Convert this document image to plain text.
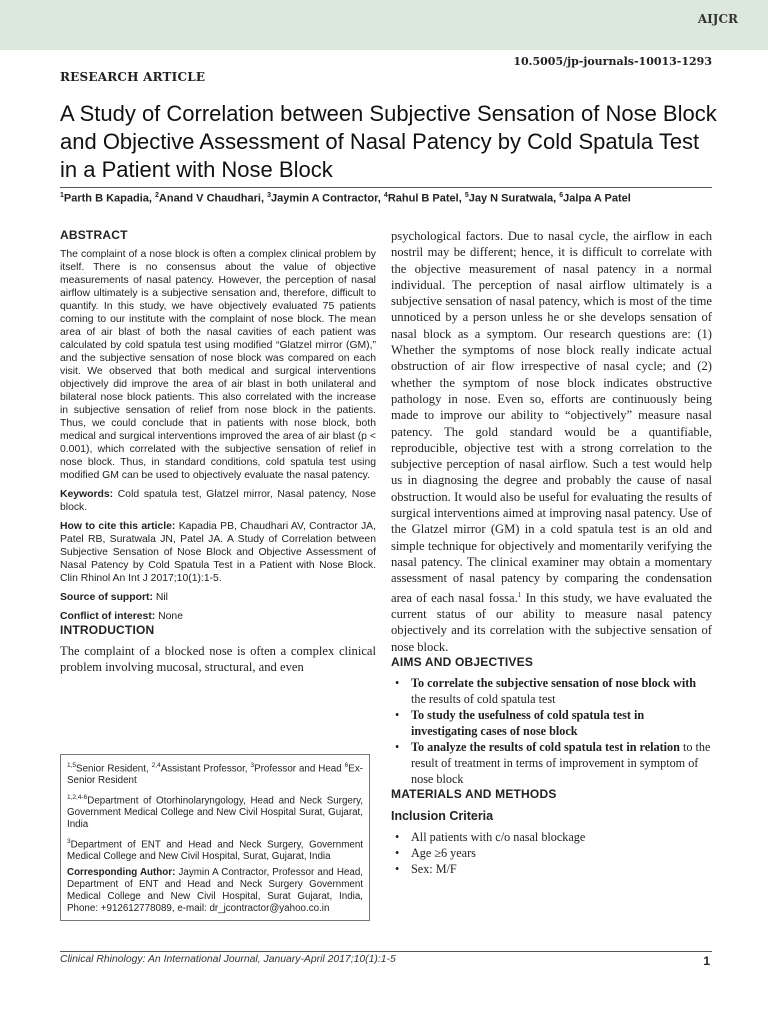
AIJCR
10.5005/jp-journals-10013-1293
RESEARCH ARTICLE
A Study of Correlation between Subjective Sensation of Nose Block and Objective Assessment of Nasal Patency by Cold Spatula Test in a Patient with Nose Block
$^1$Parth B Kapadia, $^2$Anand V Chaudhari, $^3$Jaymin A Contractor, $^4$Rahul B Patel, $^5$Jay N Suratwala, $^6$Jalpa A Patel
ABSTRACT

The complaint of a nose block is often a complex clinical problem by itself. There is no consensus about the value of objective measurements of nasal patency. However, the perception of nasal airflow ultimately is a subjective sensation and, therefore, difficult to quantify. In this study, we have objectively evaluated 75 patients coming to our institute with the complaint of nose block. The mean area of air blast of both the nasal cavities of each patient was calculated by cold spatula test using modified “Glatzel mirror (GM),” and the subjective sensation of nose block was compared on each visit. We observed that both medical and surgical interventions objectively did improve the area of air blast in both unilateral and bilateral nose block patients. This also correlated with the increase in subjective sensation of relief from nose block in the patients. Thus, we could conclude that in patients with nose block, both medical and surgical interventions improved the area of air blast (p < 0.001), which correlated with the subjective sensation of relief in nose block. Thus, in standard conditions, cold spatula test using modified GM can be used to objectively evaluate the nasal patency.

Keywords: Cold spatula test, Glatzel mirror, Nasal patency, Nose block.

How to cite this article: Kapadia PB, Chaudhari AV, Contractor JA, Patel RB, Suratwala JN, Patel JA. A Study of Correlation between Subjective Sensation of Nose Block and Objective Assessment of Nasal Patency by Cold Spatula Test in a Patient with Nose Block. Clin Rhinol An Int J 2017;10(1):1-5.

Source of support: Nil

Conflict of interest: None

INTRODUCTION

The complaint of a blocked nose is often a complex clinical problem involving mucosal, structural, and even

$^{1,5}$Senior Resident, $^{2,4}$Assistant Professor, $^3$Professor and Head $^6$Ex-Senior Resident

$^{1,2,4-6}$Department of Otorhinolaryngology, Head and Neck Surgery, Government Medical College and New Civil Hospital Surat, Gujarat, India

$^3$Department of ENT and Head and Neck Surgery, Government Medical College and New Civil Hospital, Surat, Gujarat, India

Corresponding Author: Jaymin A Contractor, Professor and Head, Department of ENT and Head and Neck Surgery Government Medical College and New Civil Hospital, Surat Gujarat, India, Phone: +912612778089, e-mail: dr_jcontractor@yahoo.co.in

psychological factors. Due to nasal cycle, the airflow in each nostril may be different; hence, it is difficult to correlate with the objective measurement of nasal patency in a normal individual. The perception of nasal airflow ultimately is a subjective sensation of nasal patency, which is most of the time unnoticed by a person unless he or she develops sensation of nasal block as a symptom. Our research questions are: (1) Whether the symptoms of nose block really indicate actual obstruction of air flow irrespective of nasal cycle; and (2) whether the symptom of nose block indicates obstructive pathology in nose. Even so, efforts are continuously being made to improve our ability to “objectively” measure nasal patency. The gold standard would be a quantifiable, reproducible, objective test with a strong correlation to the subjective perception of nasal airflow. Such a test would help us in diagnosing the degree and probably the cause of nasal obstruction. It would also be useful for evaluating the results of surgical interventions aimed at improving nasal patency. Use of the Glatzel mirror (GM) in a cold spatula test is an old and simple technique for objectively and momentarily verifying the nasal patency. The clinical examiner may obtain a momentary assessment of nasal patency by comparing the condensation area of each nasal fossa.$^1$ In this study, we have evaluated the current status of our ability to measure nasal patency objectively and its correlation with the subjective sensation of nose block.

AIMS AND OBJECTIVES
• To correlate the subjective sensation of nose block with the results of cold spatula test
• To study the usefulness of cold spatula test in investigating cases of nose block
• To analyze the results of cold spatula test in relation to the result of treatment in terms of improvement in symptom of nose block
MATERIALS AND METHODS
Inclusion Criteria
• All patients with c/o nasal blockage
• Age ≥6 years
• Sex: M/F
Clinical Rhinology: An International Journal, January-April 2017;10(1):1-5	1
